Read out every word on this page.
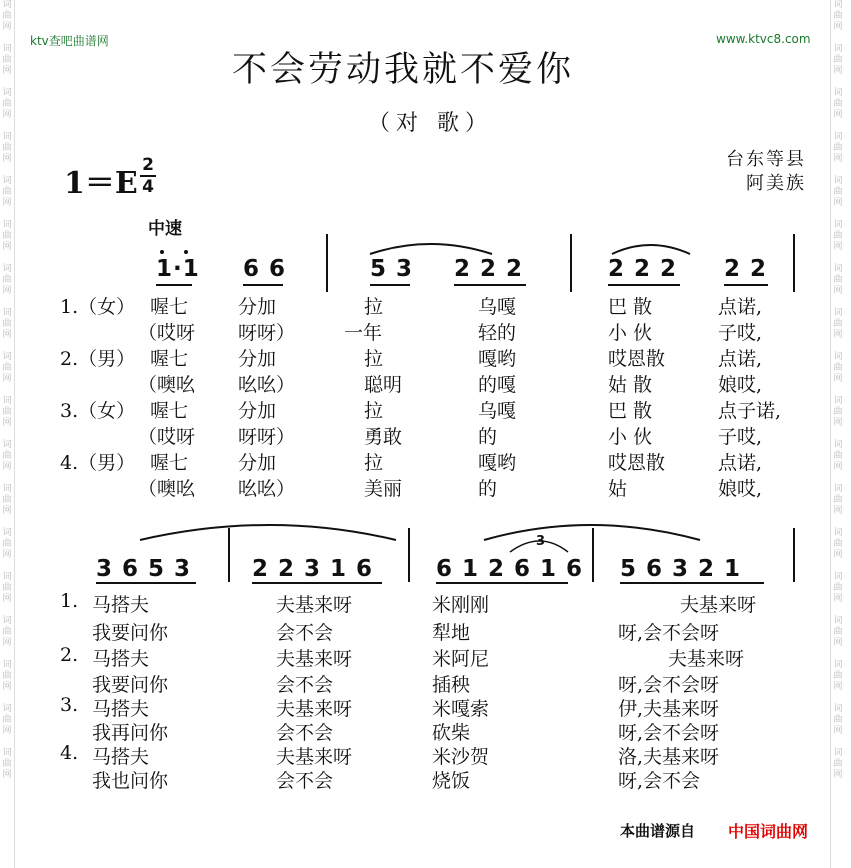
词曲网

词曲网

词曲网

词曲网

词曲网

词曲网

词曲网

词曲网

词曲网

词曲网

词曲网

词曲网

词曲网

词曲网

词曲网

词曲网

词曲网

词曲网

词曲网

词曲网

词曲网

词曲网

词曲网

词曲网

词曲网

词曲网

词曲网

词曲网

词曲网

词曲网

词曲网

词曲网

词曲网

词曲网

词曲网

词曲网

ktv查吧曲谱网	www.ktvc8.com
不会劳动我就不爱你
（对 歌）
1＝E
2
4
台东等县
阿美族
中速
1·1 6 6	5 3 2 2 2	2 2 2 2 2
1.（女） 喔七	分加	拉	乌嘎	巴 散	点诺,
（哎呀 呀呀）	一年	轻的	小 伙	子哎,
2.（男） 喔七	分加	拉	嘎哟	哎恩散	点诺,
（噢吆 吆吆）	聪明	的嘎	姑 散	娘哎,
3.（女） 喔七	分加	拉	乌嘎	巴 散	点子诺,
（哎呀 呀呀）	勇敢	的	小 伙	子哎,
4.（男） 喔七	分加	拉	嘎哟	哎恩散	点诺,
（噢吆 吆吆）	美丽	的	姑	娘哎,
3
3 6 5 3	2 2 3 1 6	6 1 2 6 1 6 5 6 3 2 1
1. 马搭夫	夫基来呀	米刚刚	夫基来呀
我要问你	会不会	犁地	呀,会不会呀
2. 马搭夫	夫基来呀	米阿尼	夫基来呀
我要问你	会不会	插秧	呀,会不会呀
3. 马搭夫	夫基来呀	米嘎索	伊,夫基来呀
我再问你	会不会	砍柴	呀,会不会呀
4. 马搭夫	夫基来呀	米沙贺	洛,夫基来呀
我也问你	会不会	烧饭	呀,会不会
本曲谱源自 中国词曲网
